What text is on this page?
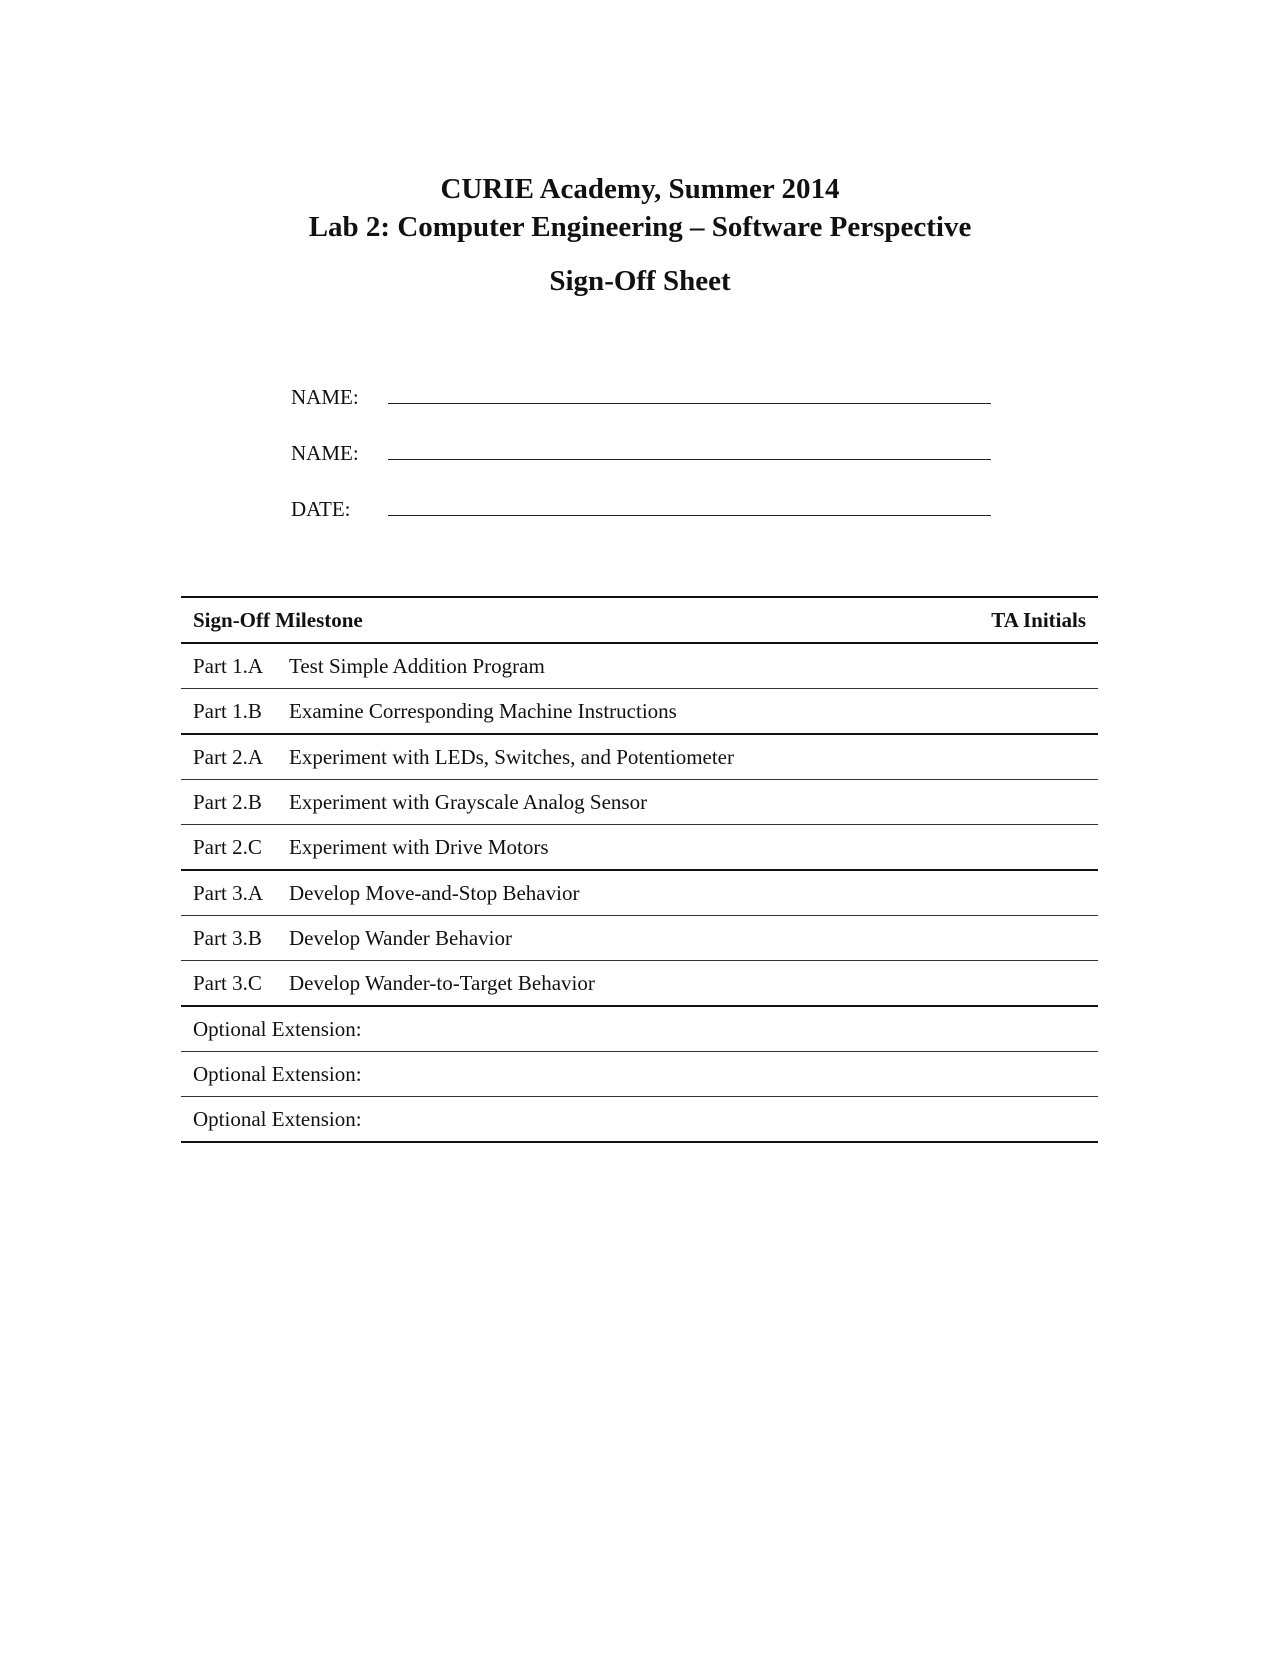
CURIE Academy, Summer 2014
Lab 2: Computer Engineering – Software Perspective
Sign-Off Sheet
NAME:
NAME:
DATE:
Sign-Off Milestone		TA Initials
Part 1.A	Test Simple Addition Program	
Part 1.B	Examine Corresponding Machine Instructions	
Part 2.A	Experiment with LEDs, Switches, and Potentiometer	
Part 2.B	Experiment with Grayscale Analog Sensor	
Part 2.C	Experiment with Drive Motors	
Part 3.A	Develop Move-and-Stop Behavior	
Part 3.B	Develop Wander Behavior	
Part 3.C	Develop Wander-to-Target Behavior	
Optional Extension:		
Optional Extension:		
Optional Extension:		
